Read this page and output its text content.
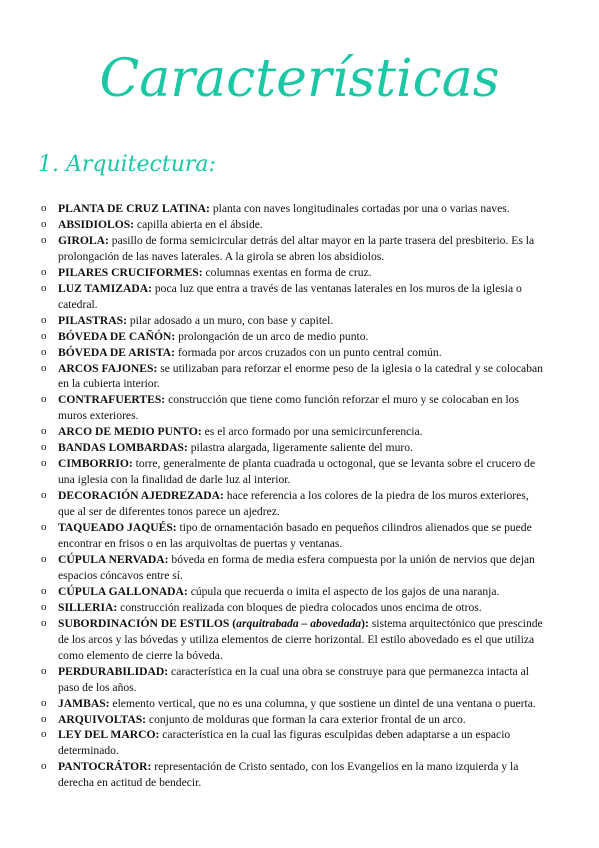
Características
1. Arquitectura:
o PLANTA DE CRUZ LATINA: planta con naves longitudinales cortadas por una o varias naves.
o ABSIDIOLOS: capilla abierta en el ábside.
o GIROLA: pasillo de forma semicircular detrás del altar mayor en la parte trasera del presbiterio. Es la prolongación de las naves laterales. A la girola se abren los absidiolos.
o PILARES CRUCIFORMES: columnas exentas en forma de cruz.
o LUZ TAMIZADA: poca luz que entra a través de las ventanas laterales en los muros de la iglesia o catedral.
o PILASTRAS: pilar adosado a un muro, con base y capitel.
o BÓVEDA DE CAÑÓN: prolongación de un arco de medio punto.
o BÓVEDA DE ARISTA: formada por arcos cruzados con un punto central común.
o ARCOS FAJONES: se utilizaban para reforzar el enorme peso de la iglesia o la catedral y se colocaban en la cubierta interior.
o CONTRAFUERTES: construcción que tiene como función reforzar el muro y se colocaban en los muros exteriores.
o ARCO DE MEDIO PUNTO: es el arco formado por una semicircunferencia.
o BANDAS LOMBARDAS: pilastra alargada, ligeramente saliente del muro.
o CIMBORRIO: torre, generalmente de planta cuadrada u octogonal, que se levanta sobre el crucero de una iglesia con la finalidad de darle luz al interior.
o DECORACIÓN AJEDREZADA: hace referencia a los colores de la piedra de los muros exteriores, que al ser de diferentes tonos parece un ajedrez.
o TAQUEADO JAQUÉS: tipo de ornamentación basado en pequeños cilindros alienados que se puede encontrar en frisos o en las arquivoltas de puertas y ventanas.
o CÚPULA NERVADA: bóveda en forma de media esfera compuesta por la unión de nervios que dejan espacios cóncavos entre sí.
o CÚPULA GALLONADA: cúpula que recuerda o imita el aspecto de los gajos de una naranja.
o SILLERIA: construcción realizada con bloques de piedra colocados unos encima de otros.
o SUBORDINACIÓN DE ESTILOS (arquitrabada – abovedada): sistema arquitectónico que prescinde de los arcos y las bóvedas y utiliza elementos de cierre horizontal. El estilo abovedado es el que utiliza como elemento de cierre la bóveda.
o PERDURABILIDAD: característica en la cual una obra se construye para que permanezca intacta al paso de los años.
o JAMBAS: elemento vertical, que no es una columna, y que sostiene un dintel de una ventana o puerta.
o ARQUIVOLTAS: conjunto de molduras que forman la cara exterior frontal de un arco.
o LEY DEL MARCO: característica en la cual las figuras esculpidas deben adaptarse a un espacio determinado.
o PANTOCRÁTOR: representación de Cristo sentado, con los Evangelios en la mano izquierda y la derecha en actitud de bendecir.
